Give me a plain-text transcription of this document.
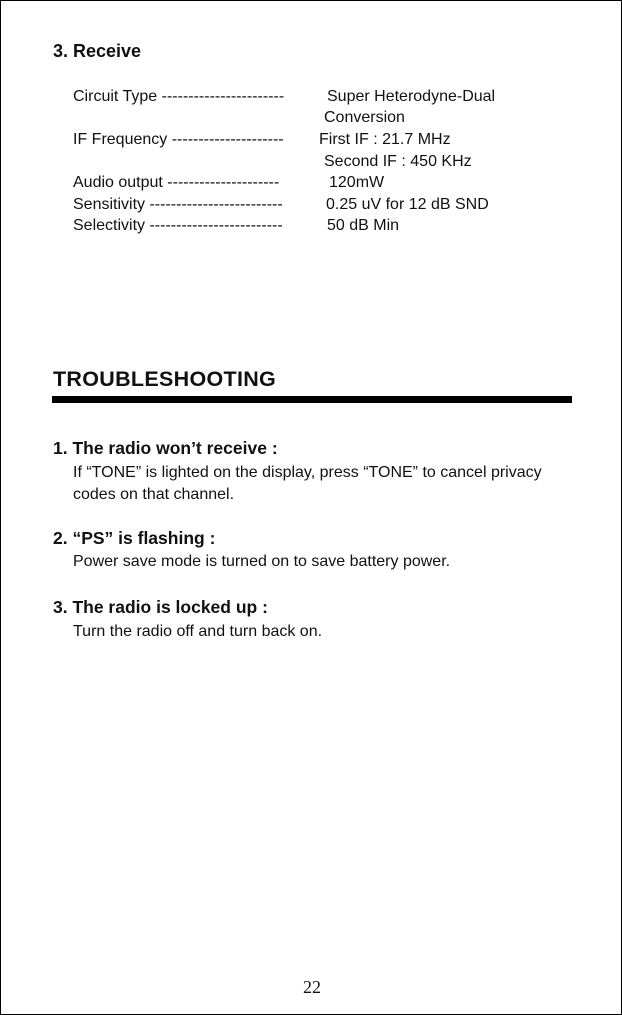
3. Receive
Circuit Type -----------------------	Super Heterodyne-Dual
Conversion
IF Frequency --------------------- First IF : 21.7 MHz
Second IF : 450 KHz
Audio output ---------------------	120mW
Sensitivity -------------------------	0.25 uV for 12 dB SND
Selectivity -------------------------	50 dB Min
TROUBLESHOOTING
1. The radio won’t receive :
If “TONE” is lighted on the display, press “TONE” to cancel privacy codes on that channel.
2. “PS” is flashing :
Power save mode is turned on to save battery power.
3. The radio is locked up :
Turn the radio off and turn back on.
22
